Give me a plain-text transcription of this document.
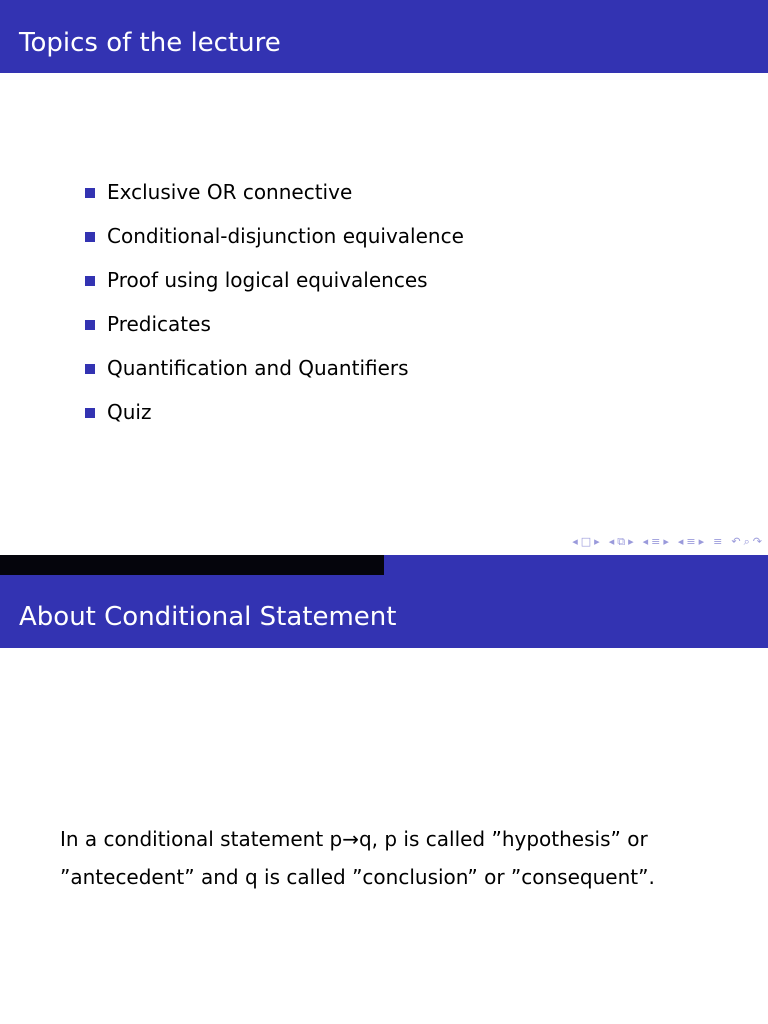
Topics of the lecture
Exclusive OR connective
Conditional-disjunction equivalence
Proof using logical equivalences
Predicates
Quantification and Quantifiers
Quiz
◂ □ ▸ ◂ ⧉ ▸ ◂ ≡ ▸ ◂ ≡ ▸ ≡ ↶ ⌕ ↷
About Conditional Statement
In a conditional statement p→q, p is called ”hypothesis” or
”antecedent” and q is called ”conclusion” or ”consequent”.
